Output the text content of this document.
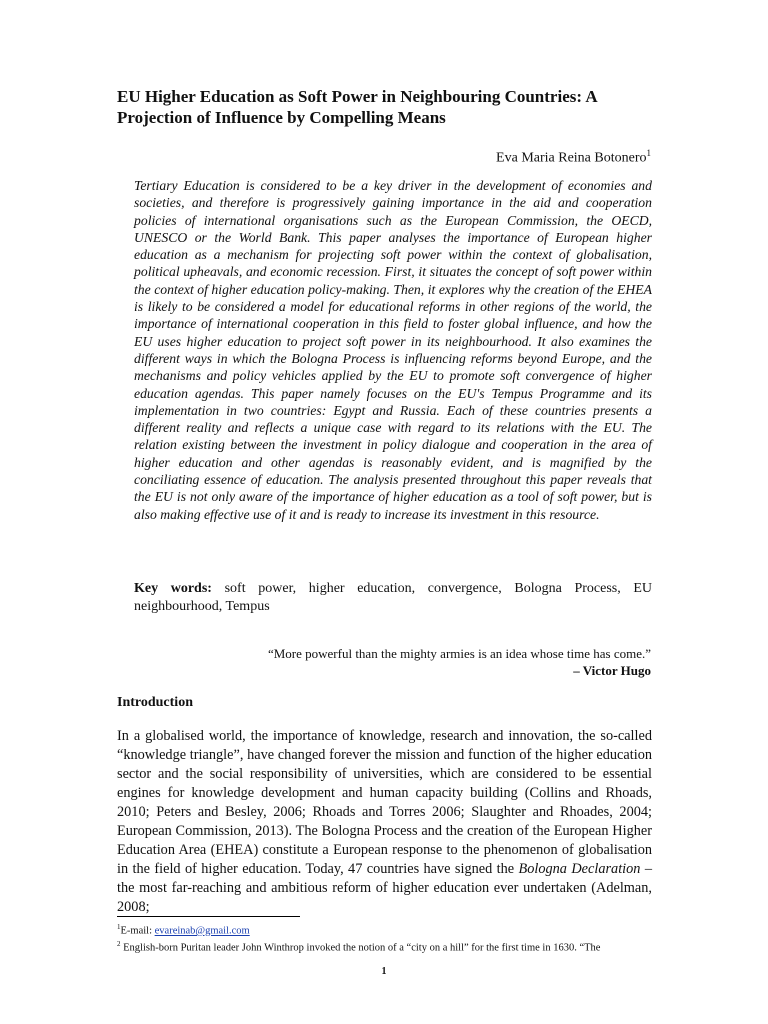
EU Higher Education as Soft Power in Neighbouring Countries: A Projection of Influence by Compelling Means

Eva Maria Reina Botonero$^1$

Tertiary Education is considered to be a key driver in the development of economies and societies, and therefore is progressively gaining importance in the aid and cooperation policies of international organisations such as the European Commission, the OECD, UNESCO or the World Bank. This paper analyses the importance of European higher education as a mechanism for projecting soft power within the context of globalisation, political upheavals, and economic recession. First, it situates the concept of soft power within the context of higher education policy-making. Then, it explores why the creation of the EHEA is likely to be considered a model for educational reforms in other regions of the world, the importance of international cooperation in this field to foster global influence, and how the EU uses higher education to project soft power in its neighbourhood. It also examines the different ways in which the Bologna Process is influencing reforms beyond Europe, and the mechanisms and policy vehicles applied by the EU to promote soft convergence of higher education agendas. This paper namely focuses on the EU's Tempus Programme and its implementation in two countries: Egypt and Russia. Each of these countries presents a different reality and reflects a unique case with regard to its relations with the EU. The relation existing between the investment in policy dialogue and cooperation in the area of higher education and other agendas is reasonably evident, and is magnified by the conciliating essence of education. The analysis presented throughout this paper reveals that the EU is not only aware of the importance of higher education as a tool of soft power, but is also making effective use of it and is ready to increase its investment in this resource.

Key words: soft power, higher education, convergence, Bologna Process, EU neighbourhood, Tempus

“More powerful than the mighty armies is an idea whose time has come.”
– Victor Hugo
Introduction

In a globalised world, the importance of knowledge, research and innovation, the so-called “knowledge triangle”, have changed forever the mission and function of the higher education sector and the social responsibility of universities, which are considered to be essential engines for knowledge development and human capacity building (Collins and Rhoads, 2010; Peters and Besley, 2006; Rhoads and Torres 2006; Slaughter and Rhoades, 2004; European Commission, 2013). The Bologna Process and the creation of the European Higher Education Area (EHEA) constitute a European response to the phenomenon of globalisation in the field of higher education. Today, 47 countries have signed the Bologna Declaration – the most far-reaching and ambitious reform of higher education ever undertaken (Adelman, 2008;

$^1$E-mail: evareinab@gmail.com
$^2$ English-born Puritan leader John Winthrop invoked the notion of a “city on a hill” for the first time in 1630. “The

1
